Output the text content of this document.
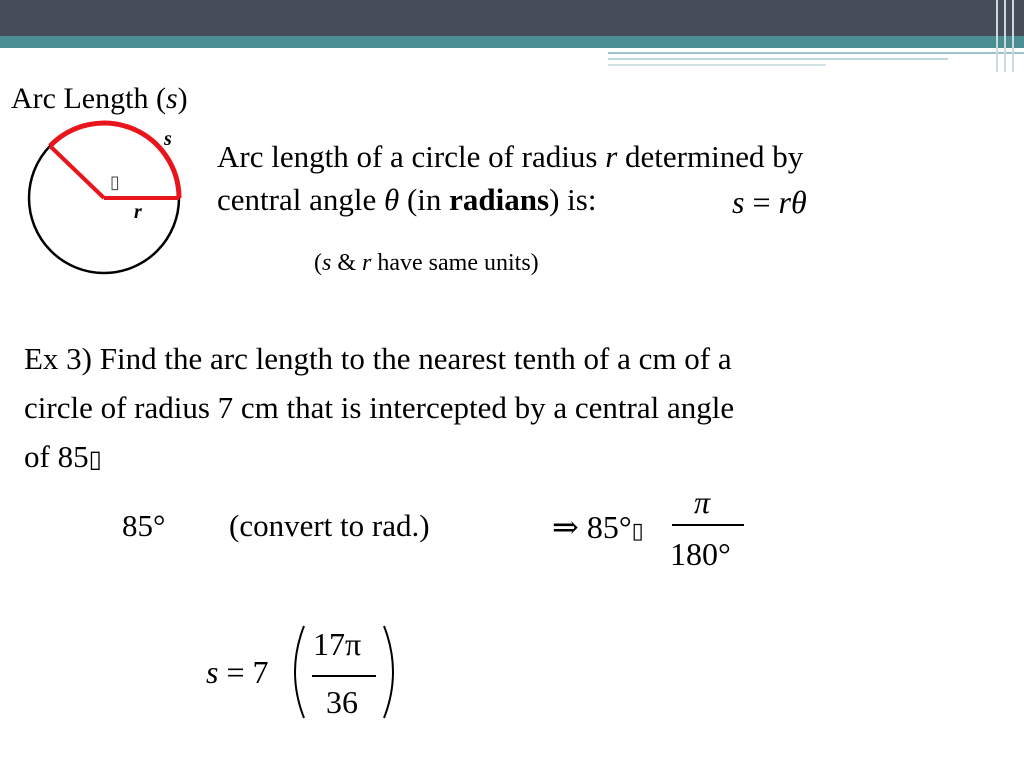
Arc Length (s)
s
r
▯
Arc length of a circle of radius r determined by
central angle θ (in radians) is:	s = rθ
(s & r have same units)
Ex 3) Find the arc length to the nearest tenth of a cm of a
circle of radius 7 cm that is intercepted by a central angle
of 85▯
85° (convert to rad.)	⇒ 85°▯
π
180°
s = 7
17π
36
